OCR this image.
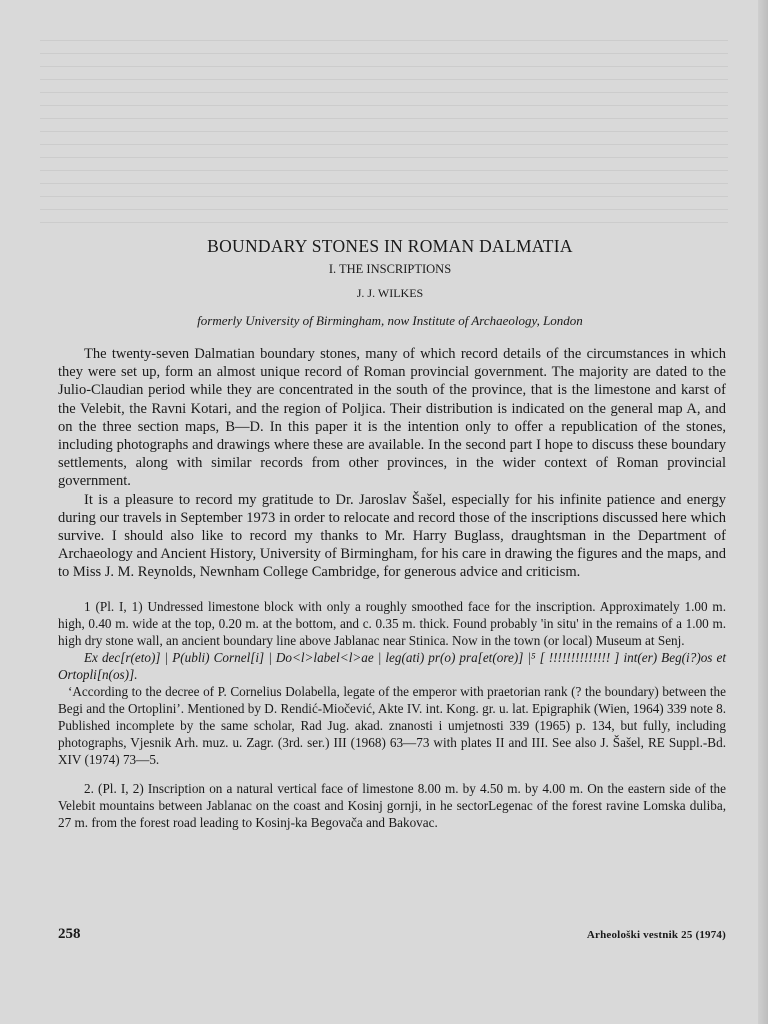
BOUNDARY STONES IN ROMAN DALMATIA
I. THE INSCRIPTIONS
J. J. WILKES
formerly University of Birmingham, now Institute of Archaeology, London

The twenty-seven Dalmatian boundary stones, many of which record details of the circumstances in which they were set up, form an almost unique record of Roman provincial government. The majority are dated to the Julio-Claudian period while they are concentrated in the south of the province, that is the limestone and karst of the Velebit, the Ravni Kotari, and the region of Poljica. Their distribution is indicated on the general map A, and on the three section maps, B—D. In this paper it is the intention only to offer a republication of the stones, including photographs and drawings where these are available. In the second part I hope to discuss these boundary settlements, along with similar records from other provinces, in the wider context of Roman provincial government.

It is a pleasure to record my gratitude to Dr. Jaroslav Šašel, especially for his infinite patience and energy during our travels in September 1973 in order to relocate and record those of the inscriptions discussed here which survive. I should also like to record my thanks to Mr. Harry Buglass, draughtsman in the Department of Archaeology and Ancient History, University of Birmingham, for his care in drawing the figures and the maps, and to Miss J. M. Reynolds, Newnham College Cambridge, for generous advice and criticism.

1 (Pl. I, 1) Undressed limestone block with only a roughly smoothed face for the inscription. Approximately 1.00 m. high, 0.40 m. wide at the top, 0.20 m. at the bottom, and c. 0.35 m. thick. Found probably 'in situ' in the remains of a 1.00 m. high dry stone wall, an ancient boundary line above Jablanac near Stinica. Now in the town (or local) Museum at Senj.

Ex dec[r(eto)] | P(ubli) Cornel[i] | Do<l>label<l>ae | leg(ati) pr(o) pra[et(ore)] |⁵ [ !!!!!!!!!!!!!! ] int(er) Beg(i?)os et Ortopli[n(os)].

‘According to the decree of P. Cornelius Dolabella, legate of the emperor with praetorian rank (? the boundary) between the Begi and the Ortoplini’. Mentioned by D. Rendić-Miočević, Akte IV. int. Kong. gr. u. lat. Epigraphik (Wien, 1964) 339 note 8. Published incomplete by the same scholar, Rad Jug. akad. znanosti i umjetnosti 339 (1965) p. 134, but fully, including photographs, Vjesnik Arh. muz. u. Zagr. (3rd. ser.) III (1968) 63—73 with plates II and III. See also J. Šašel, RE Suppl.-Bd. XIV (1974) 73—5.

2. (Pl. I, 2) Inscription on a natural vertical face of limestone 8.00 m. by 4.50 m. by 4.00 m. On the eastern side of the Velebit mountains between Jablanac on the coast and Kosinj gornji, in he sectorLegenac of the forest ravine Lomska duliba, 27 m. from the forest road leading to Kosinj-ka Begovača and Bakovac.

258	Arheološki vestnik 25 (1974)
